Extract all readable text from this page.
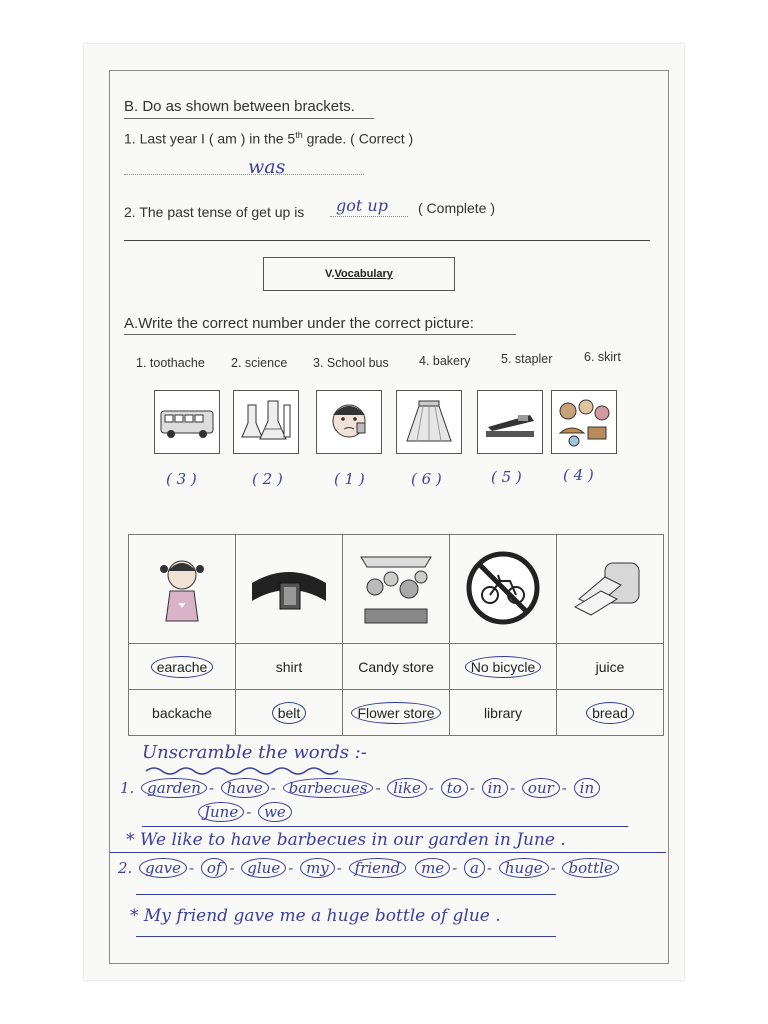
B. Do as shown between brackets.
1. Last year I ( am ) in the 5th grade. ( Correct )
was
2. The past tense of get up is got up ( Complete )
V. Vocabulary
A.Write the correct number under the correct picture:
1. toothache 2. science 3. School bus 4. bakery 5. stapler	6. skirt
( 3 )	( 2 )	( 1 )	( 6 )	( 5 )	( 4 )

earache	shirt	Candy store	No bicycle	juice
backache	belt	Flower store	library	bread
Unscramble the words :-
1. garden - have - barbecues - like - to - in - our - in
June - we
* We like to have barbecues in our garden in June .
2. gave - of - glue - my - friend me - a - huge - bottle
* My friend gave me a huge bottle of glue .
